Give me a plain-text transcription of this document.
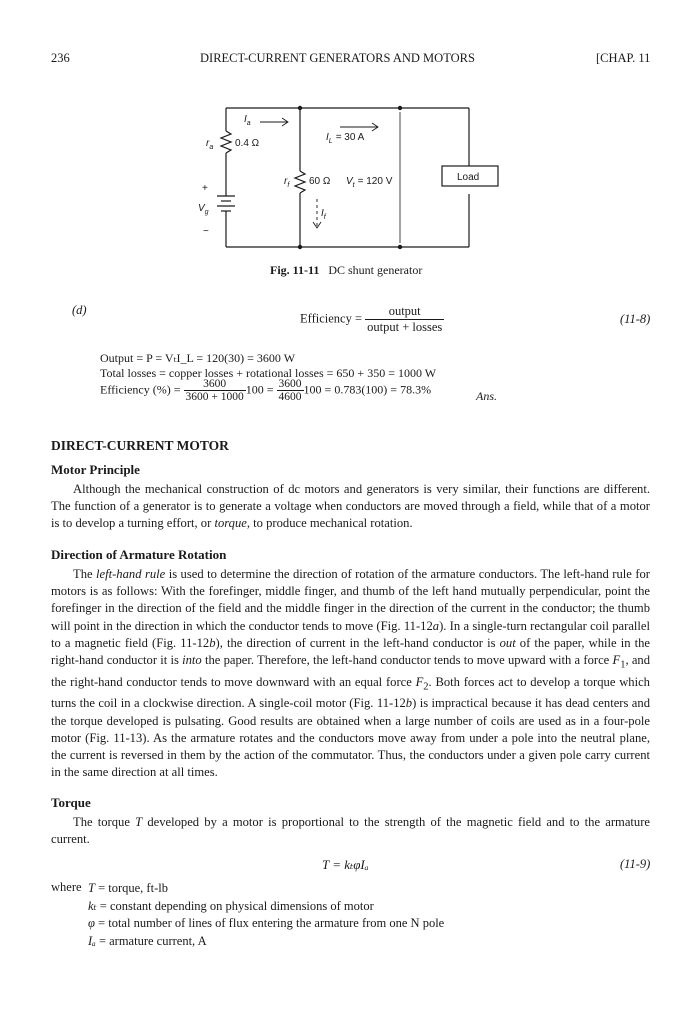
236	DIRECT-CURRENT GENERATORS AND MOTORS	[CHAP. 11
$I_a$
$r_a$ 0.4 Ω
+
$V_g$
−
$I_L = 30$ A
$r_f$ 60 Ω
$I_f$
$V_t = 120$ V	Load
Fig. 11-11 DC shunt generator
(d)
Efficiency = $\frac{\text{output}}{\text{output + losses}}$	(11-8)
Output = P = VₜI_L = 120(30) = 3600 W
Total losses = copper losses + rotational losses = 650 + 350 = 1000 W
Efficiency (%) = $\frac{3600}{3600 + 1000} 100 = \frac{3600}{4600} 100 = 0.783(100) = 78.3\%$	Ans.
DIRECT-CURRENT MOTOR
Motor Principle
Although the mechanical construction of dc motors and generators is very similar, their functions are different. The function of a generator is to generate a voltage when conductors are moved through a field, while that of a motor is to develop a turning effort, or torque, to produce mechanical rotation.
Direction of Armature Rotation
The left-hand rule is used to determine the direction of rotation of the armature conductors. The left-hand rule for motors is as follows: With the forefinger, middle finger, and thumb of the left hand mutually perpendicular, point the forefinger in the direction of the field and the middle finger in the direction of the current in the conductor; the thumb will point in the direction in which the conductor tends to move (Fig. 11-12a). In a single-turn rectangular coil parallel to a magnetic field (Fig. 11-12b), the direction of current in the left-hand conductor is out of the paper, while in the right-hand conductor it is into the paper. Therefore, the left-hand conductor tends to move upward with a force $F_1$, and the right-hand conductor tends to move downward with an equal force $F_2$. Both forces act to develop a torque which turns the coil in a clockwise direction. A single-coil motor (Fig. 11-12b) is impractical because it has dead centers and the torque developed is pulsating. Good results are obtained when a large number of coils are used as in a four-pole motor (Fig. 11-13). As the armature rotates and the conductors move away from under a pole into the neutral plane, the current is reversed in them by the action of the commutator. Thus, the conductors under a given pole carry current in the same direction at all times.
Torque
The torque T developed by a motor is proportional to the strength of the magnetic field and to the armature current.
T = kₜφIₐ	(11-9)
where T = torque, ft-lb
kₜ = constant depending on physical dimensions of motor
φ = total number of lines of flux entering the armature from one N pole
Iₐ = armature current, A
